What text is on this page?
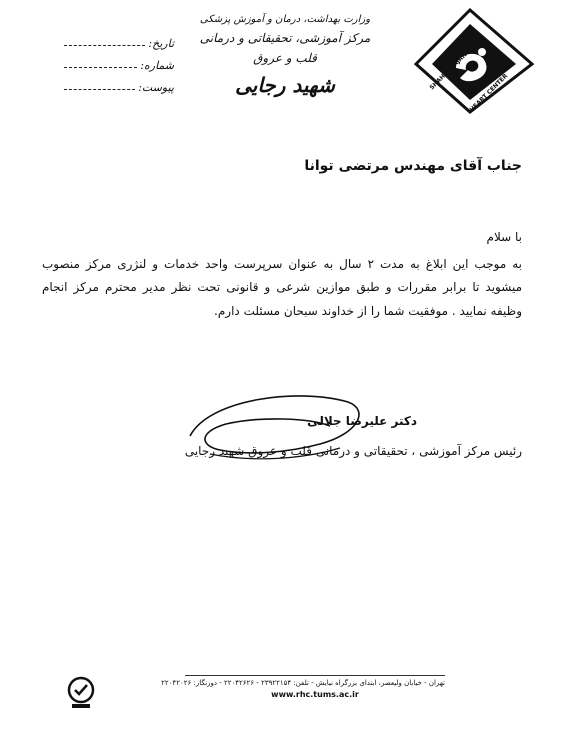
تاریخ:
شماره:
پیوست:
وزارت بهداشت، درمان و آموزش پزشکی
مرکز آموزشی، تحقیقاتی و درمانی قلب و عروق
شهید رجایی	SHAHID RAJAIE
HEART CENTER
جناب آقای مهندس مرتضی توانا

با سلام

به موجب این ابلاغ به مدت ۲ سال به عنوان سرپرست واحد خدمات و لنژری مرکز منصوب میشوید تا برابر مقررات و طبق موازین شرعی و قانونی تحت نظر مدیر محترم مرکز انجام وظیفه نمایید . موفقیت شما را از خداوند سبحان مسئلت دارم.

دکتر علیرضا جلالی
رئیس مرکز آموزشی ، تحقیقاتی و درمانی قلب و عروق شهید رجایی
تهران - خیابان ولیعصر، ابتدای بزرگراه نیایش - تلفن: ۲۳۹۲۲۱۵۴ - ۲۲۰۴۲۶۲۶ - دورنگار: ۲۲۰۴۲۰۲۶
www.rhc.tums.ac.ir
